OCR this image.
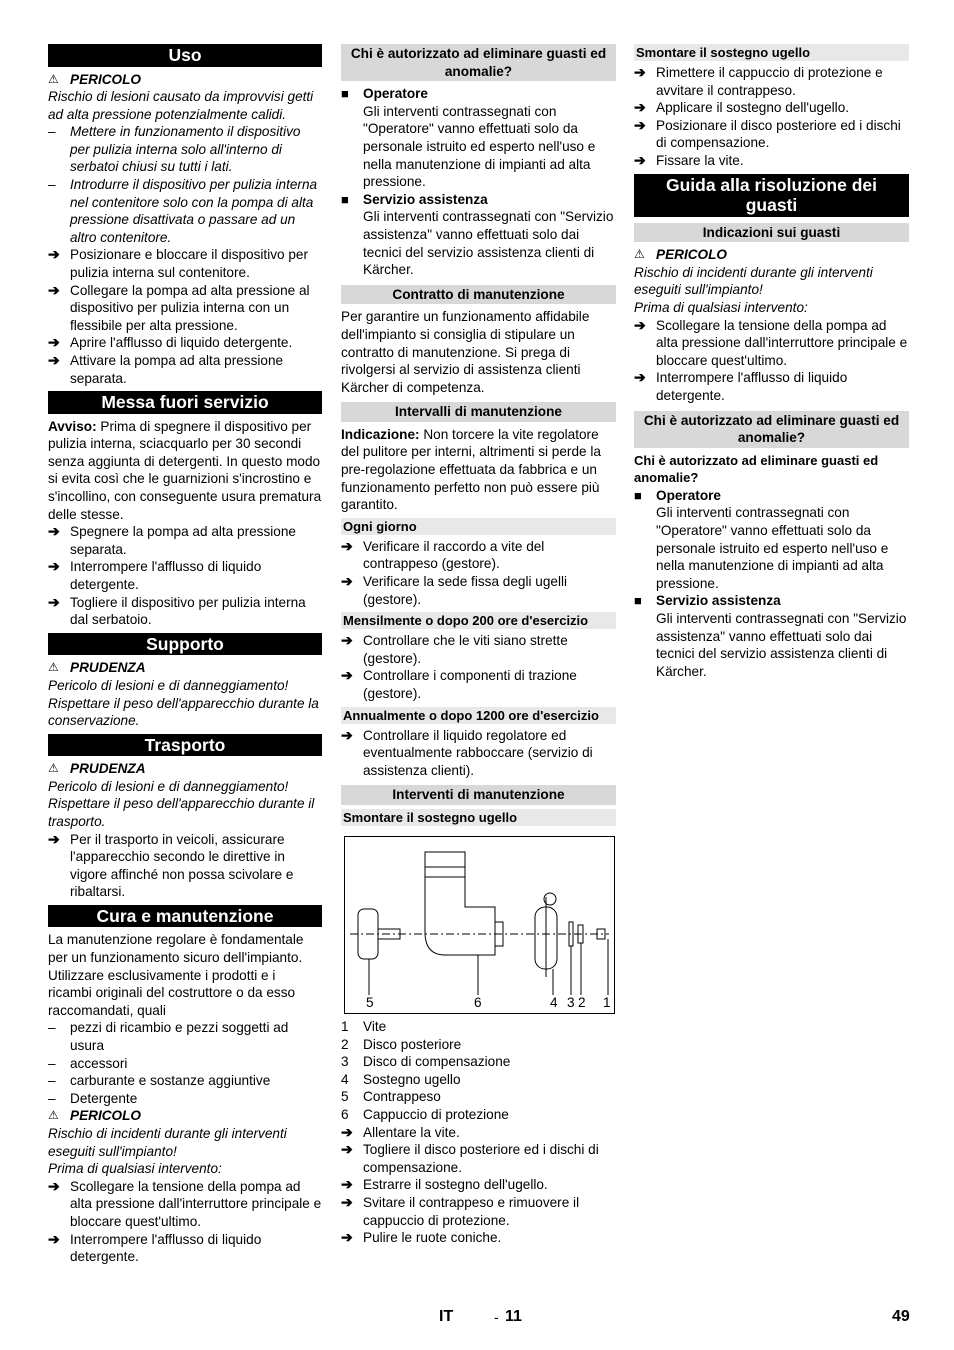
Uso
⚠ PERICOLO

Rischio di lesioni causato da improvvisi getti ad alta pressione potenzialmente calidi.

–	Mettere in funzionamento il dispositivo per pulizia interna solo all'interno di serbatoi chiusi su tutti i lati.
–	Introdurre il dispositivo per pulizia interna nel contenitore solo con la pompa di alta pressione disattivata o passare ad un altro contenitore.
➔ Posizionare e bloccare il dispositivo per pulizia interna sul contenitore.
➔ Collegare la pompa ad alta pressione al dispositivo per pulizia interna con un flessibile per alta pressione.
➔ Aprire l'afflusso di liquido detergente.
➔ Attivare la pompa ad alta pressione separata.
Messa fuori servizio

Avviso: Prima di spegnere il dispositivo per pulizia interna, sciacquarlo per 30 secondi senza aggiunta di detergenti. In questo modo si evita così che le guarnizioni s'incrostino e s'incollino, con conseguente usura prematura delle stesse.

➔ Spegnere la pompa ad alta pressione separata.
➔ Interrompere l'afflusso di liquido detergente.
➔ Togliere il dispositivo per pulizia interna dal serbatoio.
Supporto
⚠ PRUDENZA

Pericolo di lesioni e di danneggiamento! Rispettare il peso dell'apparecchio durante la conservazione.

Trasporto
⚠ PRUDENZA

Pericolo di lesioni e di danneggiamento! Rispettare il peso dell'apparecchio durante il trasporto.

➔ Per il trasporto in veicoli, assicurare l'apparecchio secondo le direttive in vigore affinché non possa scivolare e ribaltarsi.
Cura e manutenzione

La manutenzione regolare è fondamentale per un funzionamento sicuro dell'impianto. Utilizzare esclusivamente i prodotti e i ricambi originali del costruttore o da esso raccomandati, quali

–	pezzi di ricambio e pezzi soggetti ad usura
–	accessori
–	carburante e sostanze aggiuntive
–	Detergente
⚠ PERICOLO

Rischio di incidenti durante gli interventi eseguiti sull'impianto!

Prima di qualsiasi intervento:

➔ Scollegare la tensione della pompa ad alta pressione dall'interruttore principale e bloccare quest'ultimo.
➔ Interrompere l'afflusso di liquido detergente.
Chi è autorizzato ad eliminare guasti ed anomalie?
■	Operatore
Gli interventi contrassegnati con "Operatore" vanno effettuati solo da personale istruito ed esperto nell'uso e nella manutenzione di impianti ad alta pressione.
■	Servizio assistenza
Gli interventi contrassegnati con "Servizio assistenza" vanno effettuati solo dai tecnici del servizio assistenza clienti di Kärcher.
Contratto di manutenzione

Per garantire un funzionamento affidabile dell'impianto si consiglia di stipulare un contratto di manutenzione. Si prega di rivolgersi al servizio di assistenza clienti Kärcher di competenza.

Intervalli di manutenzione

Indicazione: Non torcere la vite regolatore del pulitore per interni, altrimenti si perde la pre-regolazione effettuata da fabbrica e un funzionamento perfetto non può essere più garantito.

Ogni giorno
➔ Verificare il raccordo a vite del contrappeso (gestore).
➔ Verificare la sede fissa degli ugelli (gestore).
Mensilmente o dopo 200 ore d'esercizio
➔ Controllare che le viti siano strette (gestore).
➔ Controllare i componenti di trazione (gestore).
Annualmente o dopo 1200 ore d'esercizio
➔ Controllare il liquido regolatore ed eventualmente rabboccare (servizio di assistenza clienti).
Interventi di manutenzione
Smontare il sostegno ugello
5	6	4 3 2 1
1	Vite
2	Disco posteriore
3	Disco di compensazione
4	Sostegno ugello
5	Contrappeso
6	Cappuccio di protezione
➔ Allentare la vite.
➔ Togliere il disco posteriore ed i dischi di compensazione.
➔ Estrarre il sostegno dell'ugello.
➔ Svitare il contrappeso e rimuovere il cappuccio di protezione.
➔ Pulire le ruote coniche.
Smontare il sostegno ugello
➔ Rimettere il cappuccio di protezione e avvitare il contrappeso.
➔ Applicare il sostegno dell'ugello.
➔ Posizionare il disco posteriore ed i dischi di compensazione.
➔ Fissare la vite.
Guida alla risoluzione dei guasti
Indicazioni sui guasti
⚠ PERICOLO

Rischio di incidenti durante gli interventi eseguiti sull'impianto!

Prima di qualsiasi intervento:

➔ Scollegare la tensione della pompa ad alta pressione dall'interruttore principale e bloccare quest'ultimo.
➔ Interrompere l'afflusso di liquido detergente.
Chi è autorizzato ad eliminare guasti ed anomalie?

Chi è autorizzato ad eliminare guasti ed anomalie?

■	Operatore
Gli interventi contrassegnati con "Operatore" vanno effettuati solo da personale istruito ed esperto nell'uso e nella manutenzione di impianti ad alta pressione.
■	Servizio assistenza
Gli interventi contrassegnati con "Servizio assistenza" vanno effettuati solo dai tecnici del servizio assistenza clienti di Kärcher.
IT	- 11	49
